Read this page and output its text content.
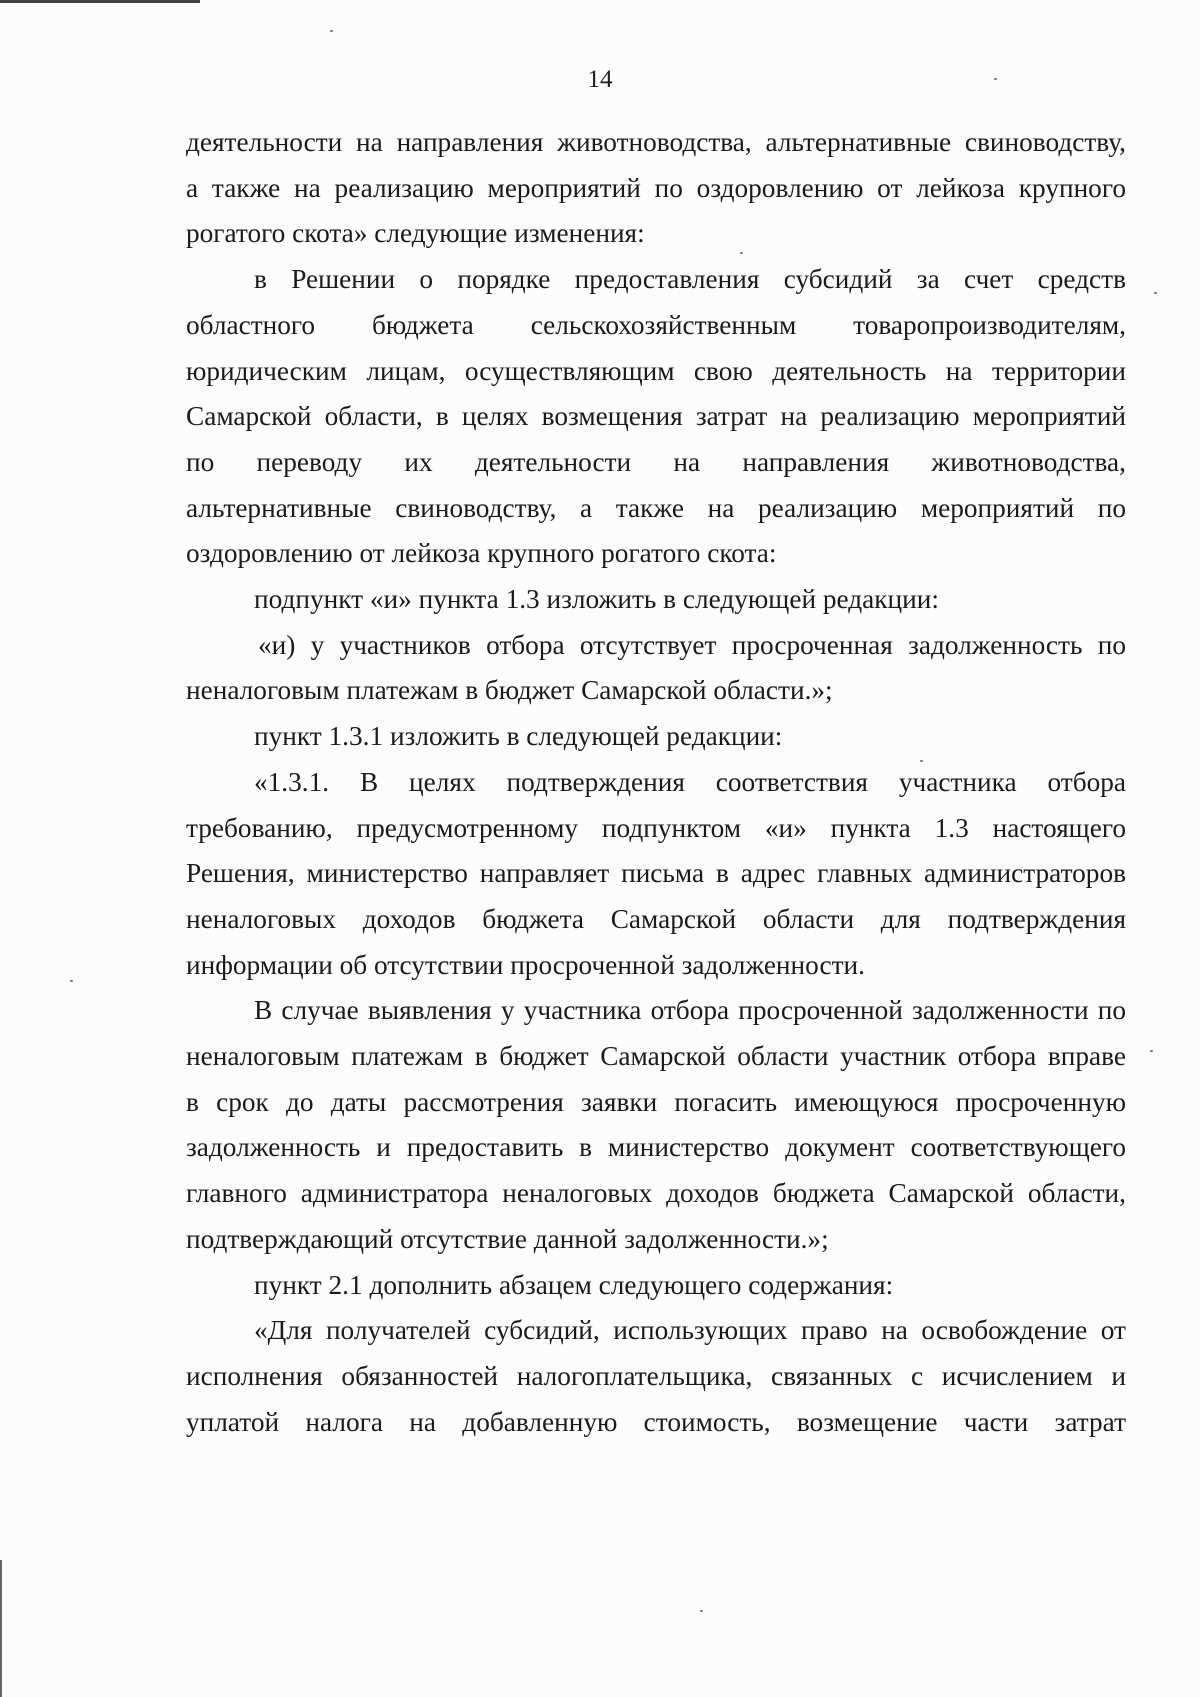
14

деятельности на направления животноводства, альтернативные свиноводству,

а также на реализацию мероприятий по оздоровлению от лейкоза крупного

рогатого скота» следующие изменения:

в Решении о порядке предоставления субсидий за счет средств

областного бюджета сельскохозяйственным товаропроизводителям,

юридическим лицам, осуществляющим свою деятельность на территории

Самарской области, в целях возмещения затрат на реализацию мероприятий

по переводу их деятельности на направления животноводства,

альтернативные свиноводству, а также на реализацию мероприятий по

оздоровлению от лейкоза крупного рогатого скота:

подпункт «и» пункта 1.3 изложить в следующей редакции:

«и) у участников отбора отсутствует просроченная задолженность по

неналоговым платежам в бюджет Самарской области.»;

пункт 1.3.1 изложить в следующей редакции:

«1.3.1. В целях подтверждения соответствия участника отбора

требованию, предусмотренному подпунктом «и» пункта 1.3 настоящего

Решения, министерство направляет письма в адрес главных администраторов

неналоговых доходов бюджета Самарской области для подтверждения

информации об отсутствии просроченной задолженности.

В случае выявления у участника отбора просроченной задолженности по

неналоговым платежам в бюджет Самарской области участник отбора вправе

в срок до даты рассмотрения заявки погасить имеющуюся просроченную

задолженность и предоставить в министерство документ соответствующего

главного администратора неналоговых доходов бюджета Самарской области,

подтверждающий отсутствие данной задолженности.»;

пункт 2.1 дополнить абзацем следующего содержания:

«Для получателей субсидий, использующих право на освобождение от

исполнения обязанностей налогоплательщика, связанных с исчислением и

уплатой налога на добавленную стоимость, возмещение части затрат
